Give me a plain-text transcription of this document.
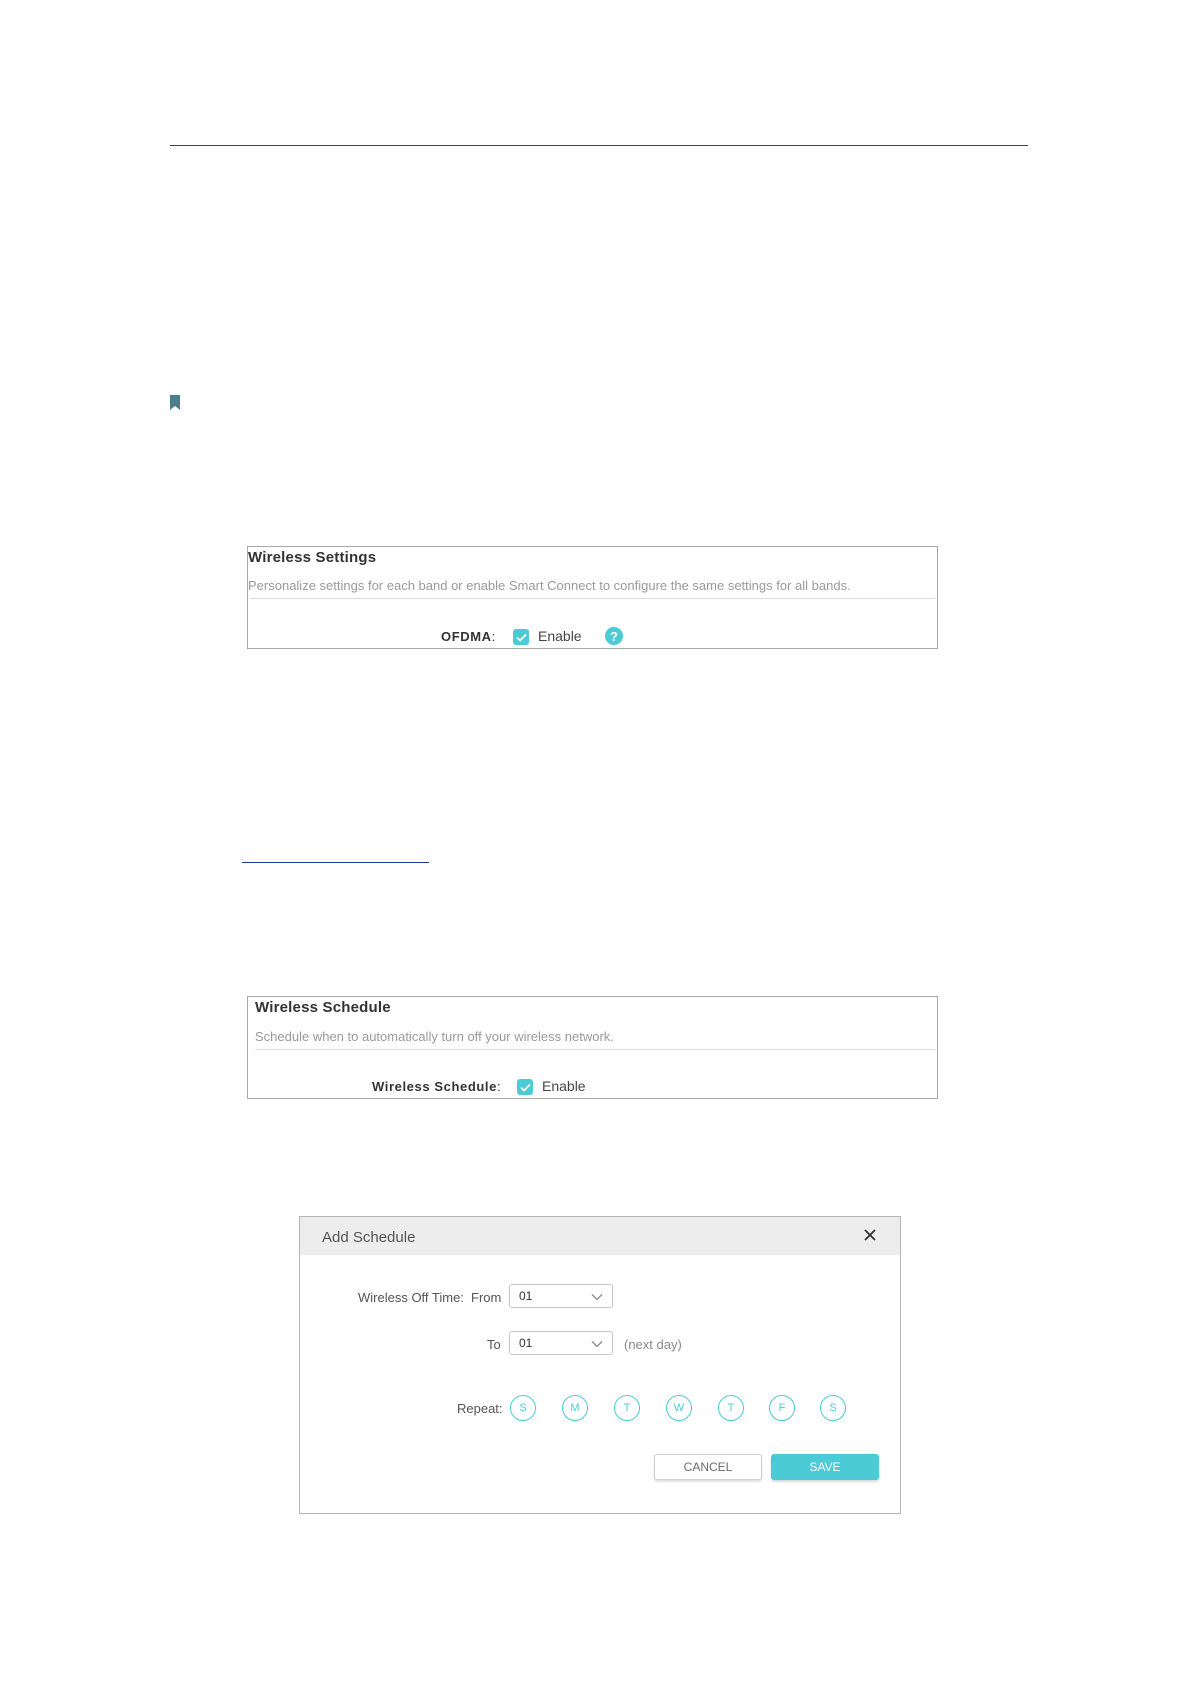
Wireless Settings
Personalize settings for each band or enable Smart Connect to configure the same settings for all bands.
OFDMA:	Enable	?
Wireless Schedule
Schedule when to automatically turn off your wireless network.
Wireless Schedule:	Enable
Add Schedule
Wireless Off Time: From 01
To 01	(next day)
Repeat:	S	M	T	W	T	F	S
CANCEL	SAVE
